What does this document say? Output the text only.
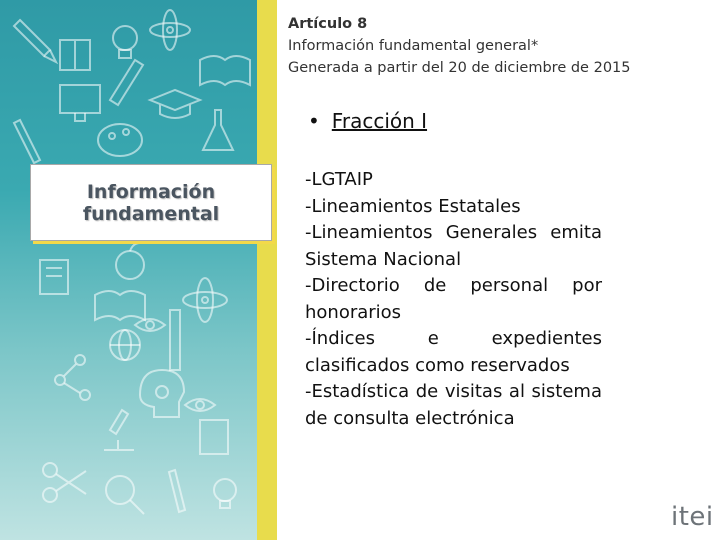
Información
fundamental
Artículo 8
Información fundamental general*
Generada a partir del 20 de diciembre de 2015
• Fracción I
-LGTAIP
-Lineamientos Estatales
-Lineamientos Generales emita Sistema Nacional
-Directorio de personal por honorarios
-Índices e expedientes clasificados como reservados
-Estadística de visitas al sistema de consulta electrónica
itei
